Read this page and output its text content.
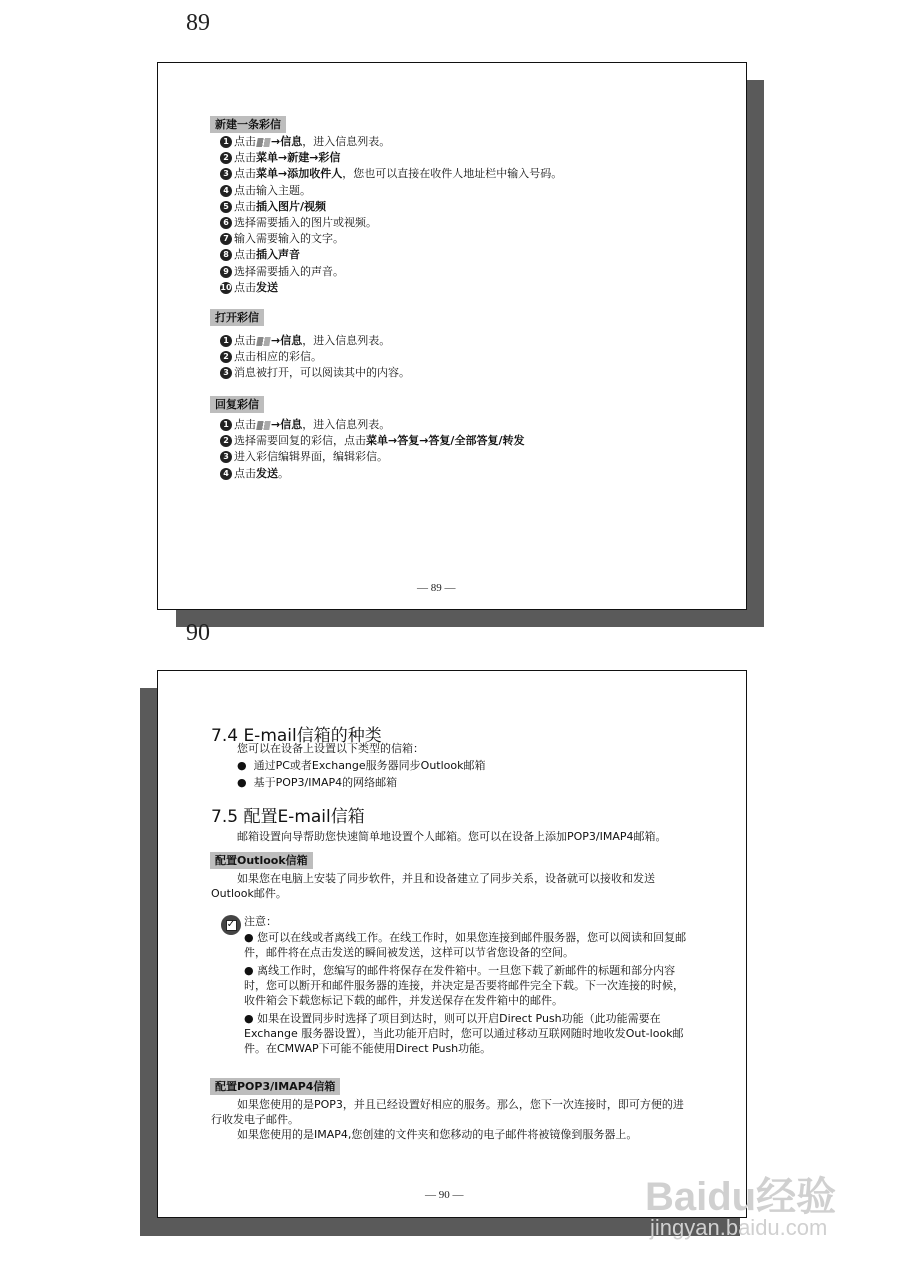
89
新建一条彩信
1 点击 →信息 ，进入信息列表。
2 点击 菜单→新建→彩信
3 点击 菜单→添加收件人 ，您也可以直接在收件人地址栏中输入号码。
4 点击输入主题。
5 点击 插入图片/视频
6 选择需要插入的图片或视频。
7 输入需要输入的文字。
8 点击 插入声音
9 选择需要插入的声音。
10 点击 发送
打开彩信
1 点击 →信息 ，进入信息列表。
2 点击相应的彩信。
3 消息被打开，可以阅读其中的内容。
回复彩信
1 点击 →信息 ，进入信息列表。
2 选择需要回复的彩信，点击 菜单→答复→答复/全部答复/转发
3 进入彩信编辑界面，编辑彩信。
4 点击 发送 。
— 89 —
90
7.4 E-mail信箱的种类
您可以在设备上设置以下类型的信箱：
●  通过PC或者Exchange服务器同步Outlook邮箱
●  基于POP3/IMAP4的网络邮箱
7.5 配置E-mail信箱
邮箱设置向导帮助您快速简单地设置个人邮箱。您可以在设备上添加POP3/IMAP4邮箱。
配置Outlook信箱
如果您在电脑上安装了同步软件，并且和设备建立了同步关系，设备就可以接收和发送Outlook邮件。
✓ 注意：
● 您可以在线或者离线工作。在线工作时，如果您连接到邮件服务器，您可以阅读和回复邮件，邮件将在点击发送的瞬间被发送，这样可以节省您设备的空间。
● 离线工作时，您编写的邮件将保存在发件箱中。一旦您下载了新邮件的标题和部分内容时，您可以断开和邮件服务器的连接，并决定是否要将邮件完全下载。下一次连接的时候，收件箱会下载您标记下载的邮件，并发送保存在发件箱中的邮件。
● 如果在设置同步时选择了项目到达时，则可以开启Direct Push功能（此功能需要在Exchange 服务器设置），当此功能开启时，您可以通过移动互联网随时地收发Out-look邮件。在CMWAP下可能不能使用Direct Push功能。
配置POP3/IMAP4信箱
如果您使用的是POP3，并且已经设置好相应的服务。那么，您下一次连接时，即可方便的进行收发电子邮件。
如果您使用的是IMAP4,您创建的文件夹和您移动的电子邮件将被镜像到服务器上。
— 90 —	Baidu经验
jingyan.baidu.com
